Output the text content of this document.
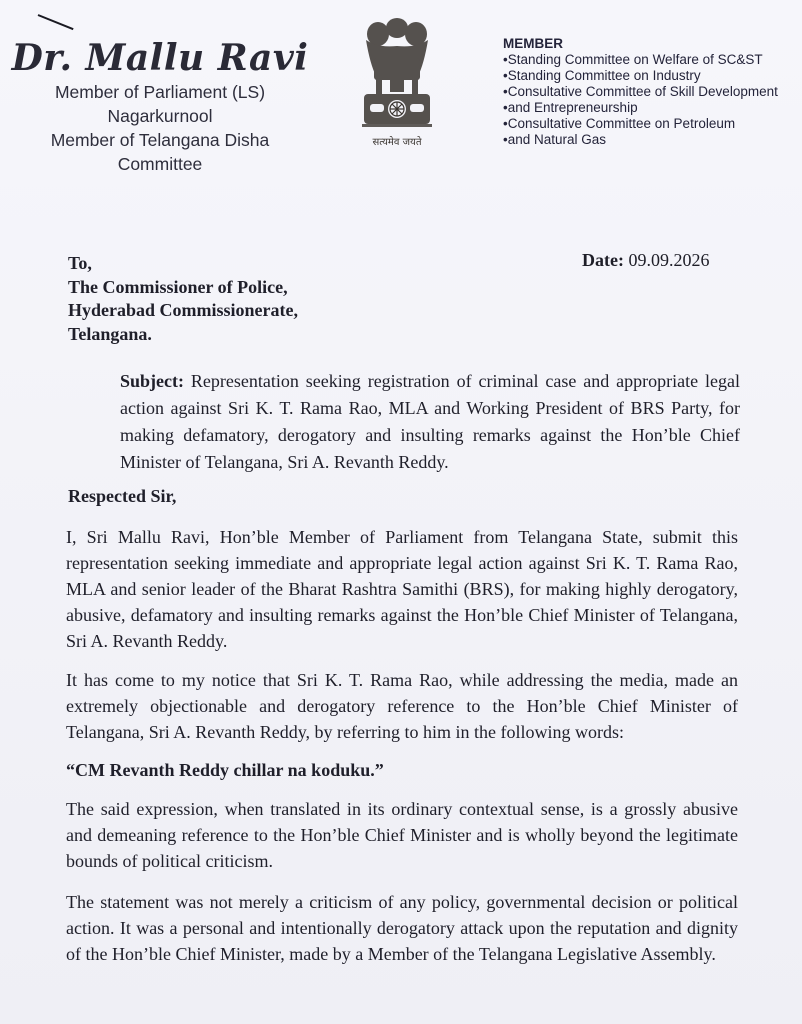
Dr. Mallu Ravi
Member of Parliament (LS)
Nagarkurnool
Member of Telangana Disha Committee
सत्यमेव जयते
MEMBER
• Standing Committee on Welfare of SC&ST
• Standing Committee on Industry
• Consultative Committee of Skill Development
• and Entrepreneurship
• Consultative Committee on Petroleum
• and Natural Gas
To,
The Commissioner of Police,
Hyderabad Commissionerate,
Telangana.
Date: 09.09.2026
Subject: Representation seeking registration of criminal case and appropriate legal action against Sri K. T. Rama Rao, MLA and Working President of BRS Party, for making defamatory, derogatory and insulting remarks against the Hon’ble Chief Minister of Telangana, Sri A. Revanth Reddy.
Respected Sir,
I, Sri Mallu Ravi, Hon’ble Member of Parliament from Telangana State, submit this representation seeking immediate and appropriate legal action against Sri K. T. Rama Rao, MLA and senior leader of the Bharat Rashtra Samithi (BRS), for making highly derogatory, abusive, defamatory and insulting remarks against the Hon’ble Chief Minister of Telangana, Sri A. Revanth Reddy.
It has come to my notice that Sri K. T. Rama Rao, while addressing the media, made an extremely objectionable and derogatory reference to the Hon’ble Chief Minister of Telangana, Sri A. Revanth Reddy, by referring to him in the following words:
“CM Revanth Reddy chillar na koduku.”
The said expression, when translated in its ordinary contextual sense, is a grossly abusive and demeaning reference to the Hon’ble Chief Minister and is wholly beyond the legitimate bounds of political criticism.
The statement was not merely a criticism of any policy, governmental decision or political action. It was a personal and intentionally derogatory attack upon the reputation and dignity of the Hon’ble Chief Minister, made by a Member of the Telangana Legislative Assembly.
